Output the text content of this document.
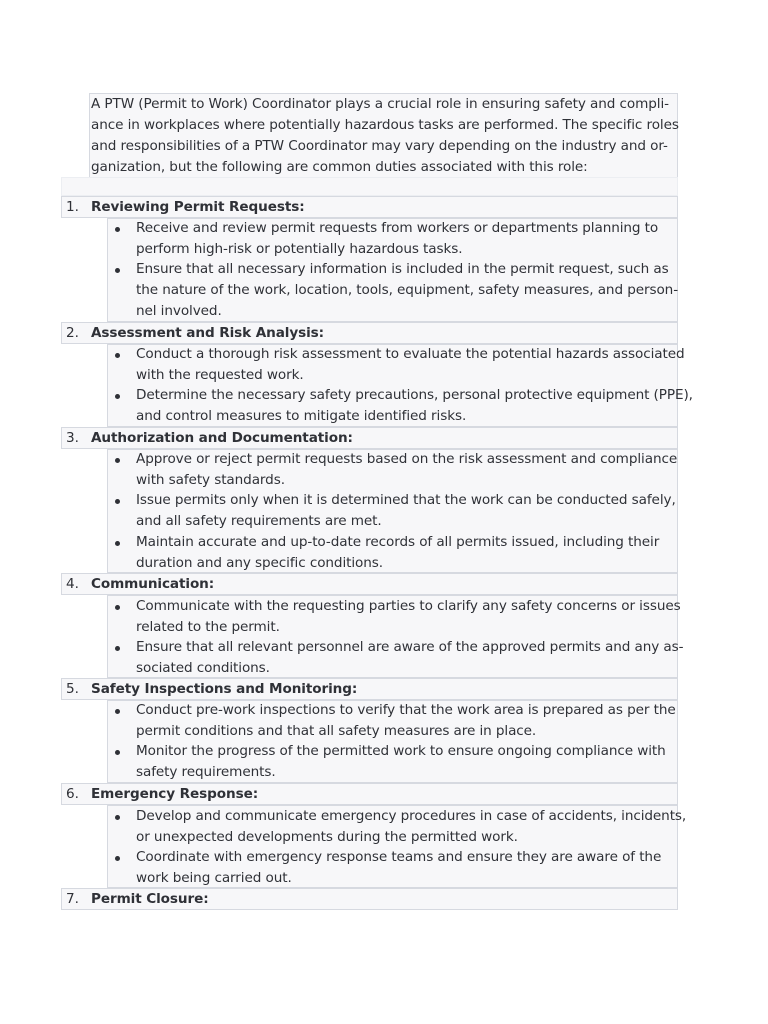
A PTW (Permit to Work) Coordinator plays a crucial role in ensuring safety and compli-
ance in workplaces where potentially hazardous tasks are performed. The specific roles
and responsibilities of a PTW Coordinator may vary depending on the industry and or-
ganization, but the following are common duties associated with this role:
1. Reviewing Permit Requests:
Receive and review permit requests from workers or departments planning to
perform high-risk or potentially hazardous tasks.
Ensure that all necessary information is included in the permit request, such as
the nature of the work, location, tools, equipment, safety measures, and person-
nel involved.
2. Assessment and Risk Analysis:
Conduct a thorough risk assessment to evaluate the potential hazards associated
with the requested work.
Determine the necessary safety precautions, personal protective equipment (PPE),
and control measures to mitigate identified risks.
3. Authorization and Documentation:
Approve or reject permit requests based on the risk assessment and compliance
with safety standards.
Issue permits only when it is determined that the work can be conducted safely,
and all safety requirements are met.
Maintain accurate and up-to-date records of all permits issued, including their
duration and any specific conditions.
4. Communication:
Communicate with the requesting parties to clarify any safety concerns or issues
related to the permit.
Ensure that all relevant personnel are aware of the approved permits and any as-
sociated conditions.
5. Safety Inspections and Monitoring:
Conduct pre-work inspections to verify that the work area is prepared as per the
permit conditions and that all safety measures are in place.
Monitor the progress of the permitted work to ensure ongoing compliance with
safety requirements.
6. Emergency Response:
Develop and communicate emergency procedures in case of accidents, incidents,
or unexpected developments during the permitted work.
Coordinate with emergency response teams and ensure they are aware of the
work being carried out.
7. Permit Closure:
